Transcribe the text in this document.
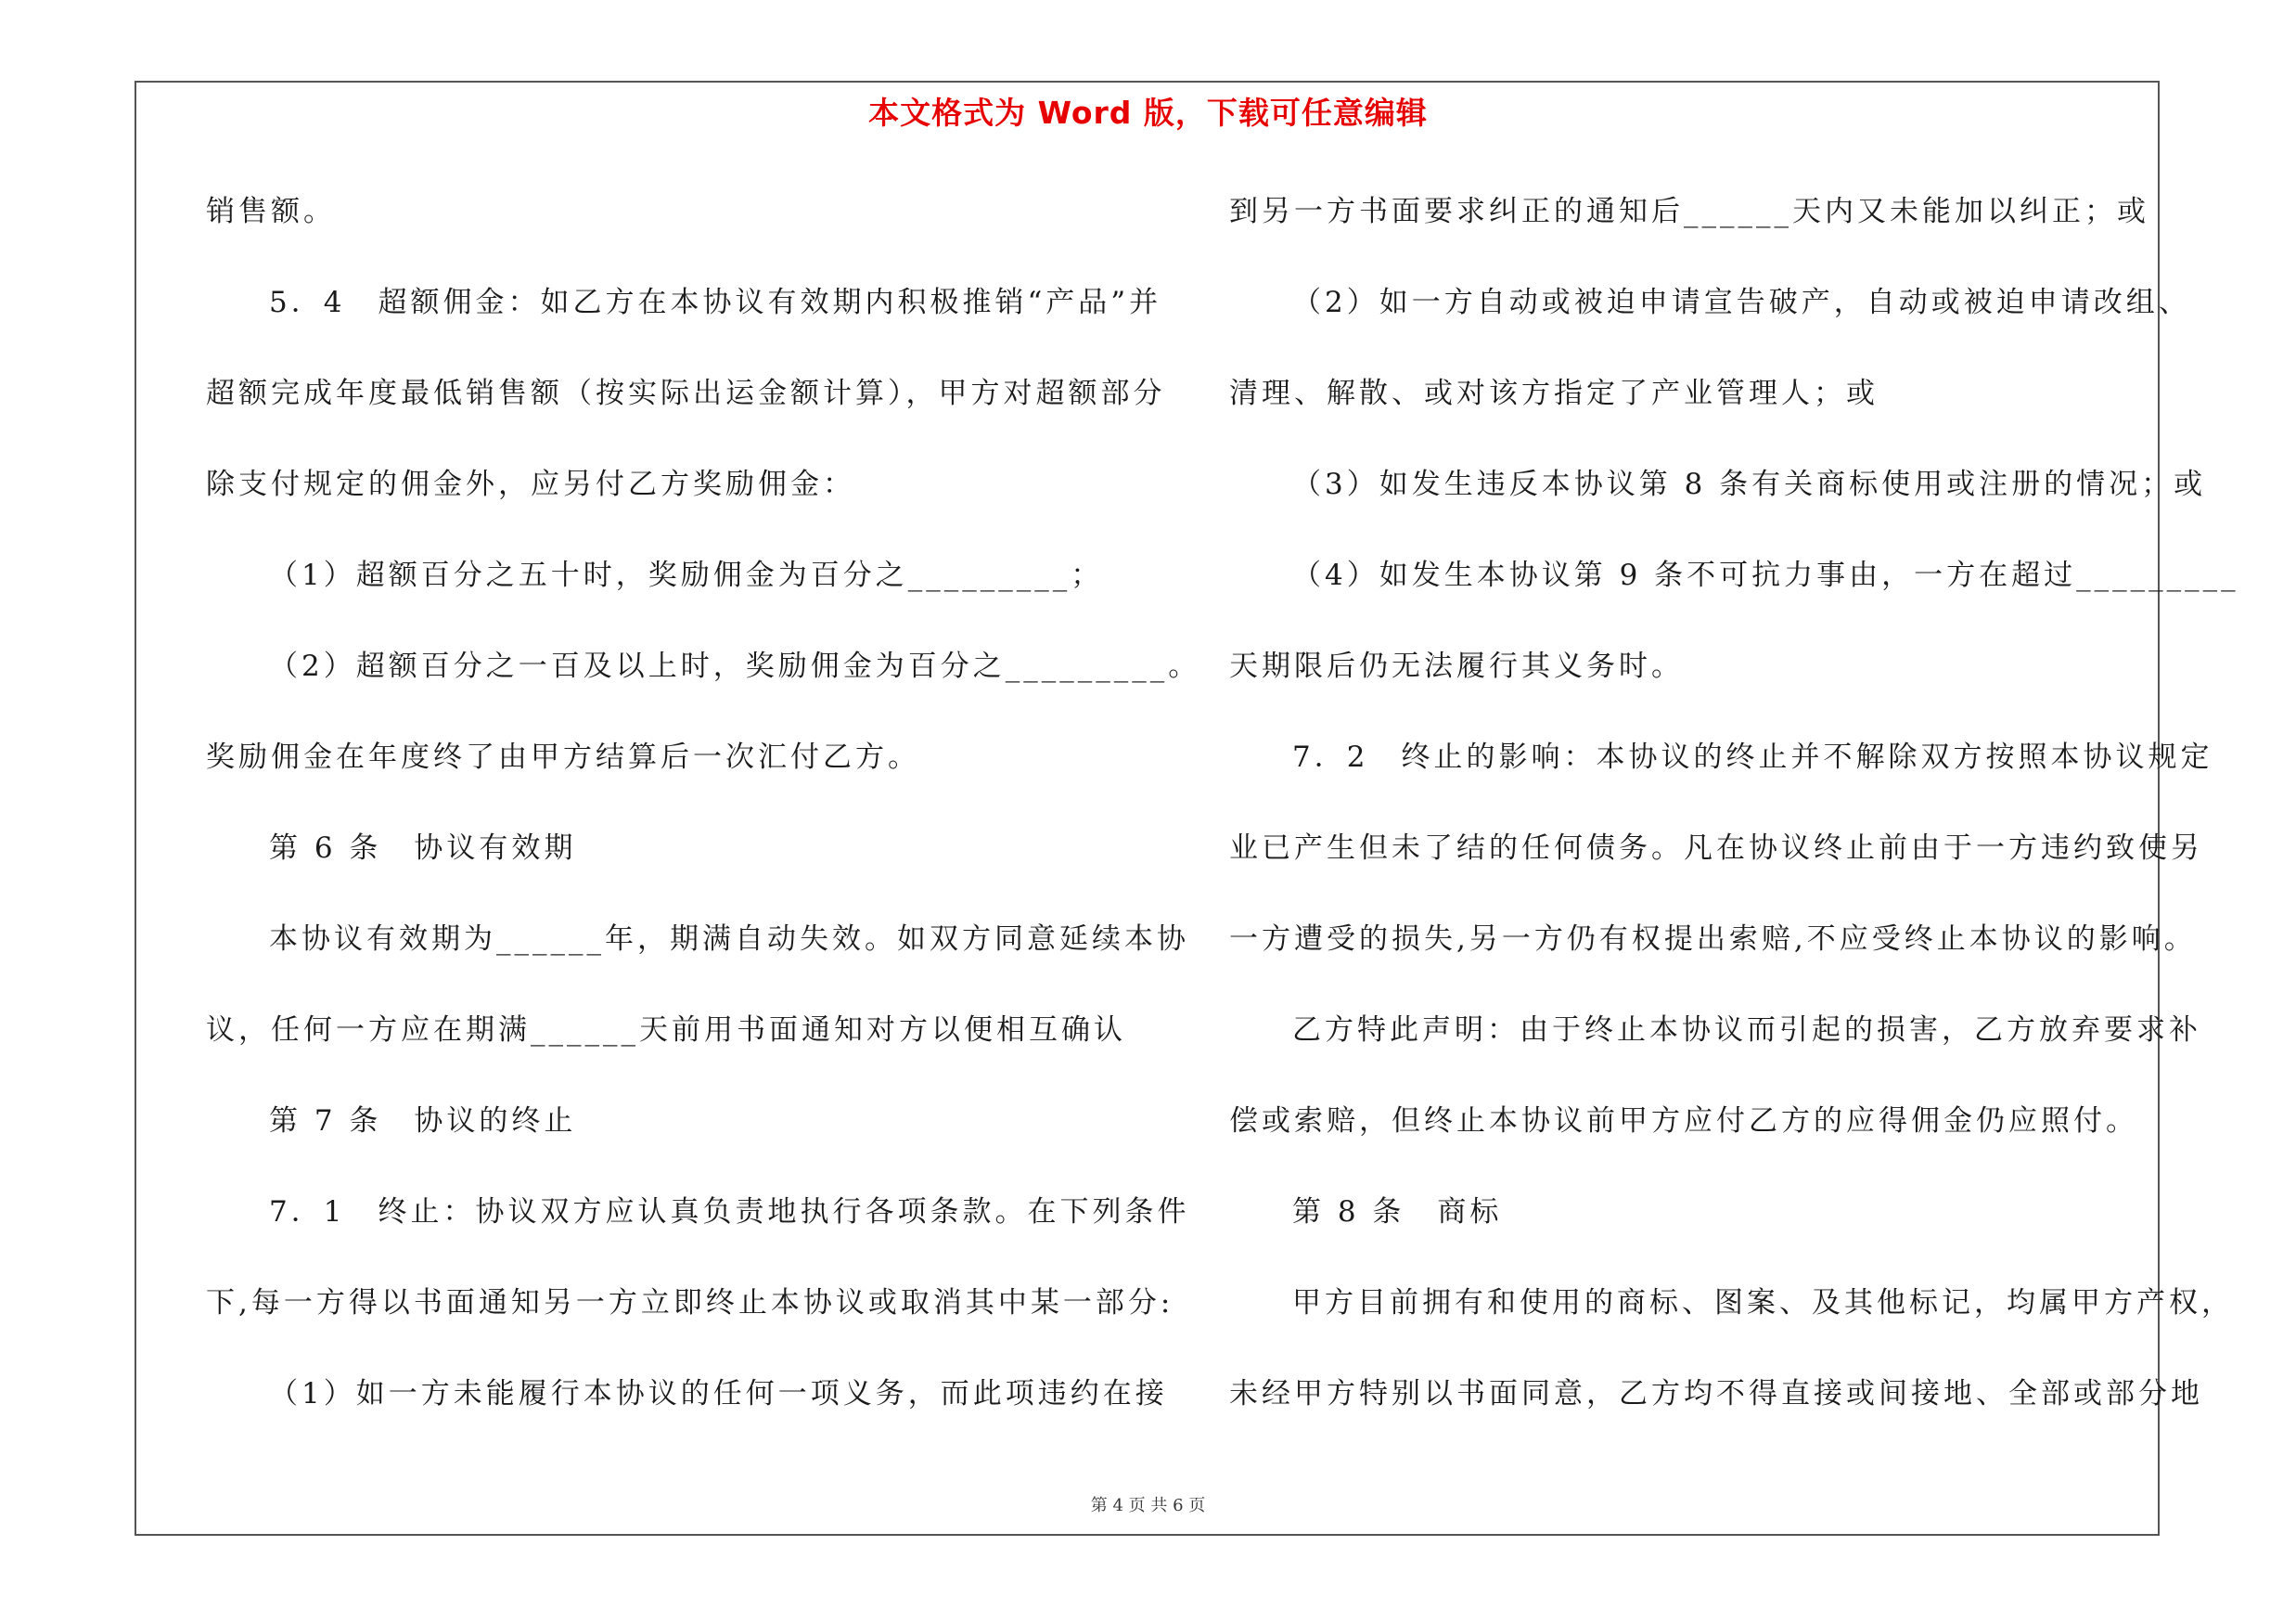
本文格式为 Word 版，下载可任意编辑
销售额。
5．4　超额佣金：如乙方在本协议有效期内积极推销“产品”并
超额完成年度最低销售额（按实际出运金额计算），甲方对超额部分
除支付规定的佣金外，应另付乙方奖励佣金：
（1）超额百分之五十时，奖励佣金为百分之_________；
（2）超额百分之一百及以上时，奖励佣金为百分之_________。
奖励佣金在年度终了由甲方结算后一次汇付乙方。
第 6 条　协议有效期
本协议有效期为______年，期满自动失效。如双方同意延续本协
议，任何一方应在期满______天前用书面通知对方以便相互确认
第 7 条　协议的终止
7．1　终止：协议双方应认真负责地执行各项条款。在下列条件
下,每一方得以书面通知另一方立即终止本协议或取消其中某一部分:
（1）如一方未能履行本协议的任何一项义务，而此项违约在接
到另一方书面要求纠正的通知后______天内又未能加以纠正；或
（2）如一方自动或被迫申请宣告破产，自动或被迫申请改组、
清理、解散、或对该方指定了产业管理人；或
（3）如发生违反本协议第 8 条有关商标使用或注册的情况；或
（4）如发生本协议第 9 条不可抗力事由，一方在超过_________
天期限后仍无法履行其义务时。
7．2　终止的影响：本协议的终止并不解除双方按照本协议规定
业已产生但未了结的任何债务。凡在协议终止前由于一方违约致使另
一方遭受的损失,另一方仍有权提出索赔,不应受终止本协议的影响。
乙方特此声明：由于终止本协议而引起的损害，乙方放弃要求补
偿或索赔，但终止本协议前甲方应付乙方的应得佣金仍应照付。
第 8 条　商标
甲方目前拥有和使用的商标、图案、及其他标记，均属甲方产权，
未经甲方特别以书面同意，乙方均不得直接或间接地、全部或部分地
第 4 页 共 6 页
